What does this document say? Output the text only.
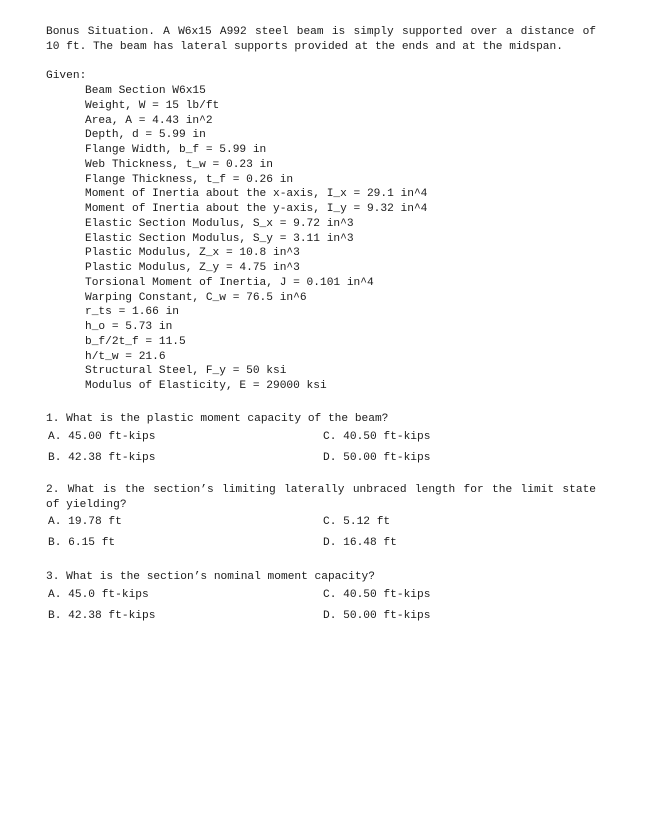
Bonus Situation. A W6x15 A992 steel beam is simply supported over a distance of 10 ft. The beam has lateral supports provided at the ends and at the midspan.
Given:
Beam Section W6x15
Weight, W = 15 lb/ft
Area, A = 4.43 in^2
Depth, d = 5.99 in
Flange Width, b_f = 5.99 in
Web Thickness, t_w = 0.23 in
Flange Thickness, t_f = 0.26 in
Moment of Inertia about the x-axis, I_x = 29.1 in^4
Moment of Inertia about the y-axis, I_y = 9.32 in^4
Elastic Section Modulus, S_x = 9.72 in^3
Elastic Section Modulus, S_y = 3.11 in^3
Plastic Modulus, Z_x = 10.8 in^3
Plastic Modulus, Z_y = 4.75 in^3
Torsional Moment of Inertia, J = 0.101 in^4
Warping Constant, C_w = 76.5 in^6
r_ts = 1.66 in
h_o = 5.73 in
b_f/2t_f = 11.5
h/t_w = 21.6
Structural Steel, F_y = 50 ksi
Modulus of Elasticity, E = 29000 ksi
1. What is the plastic moment capacity of the beam?
A. 45.00 ft-kips	C. 40.50 ft-kips
B. 42.38 ft-kips	D. 50.00 ft-kips
2. What is the section’s limiting laterally unbraced length for the limit state of yielding?
A. 19.78 ft	C. 5.12 ft
B. 6.15 ft	D. 16.48 ft
3. What is the section’s nominal moment capacity?
A. 45.0 ft-kips	C. 40.50 ft-kips
B. 42.38 ft-kips	D. 50.00 ft-kips
